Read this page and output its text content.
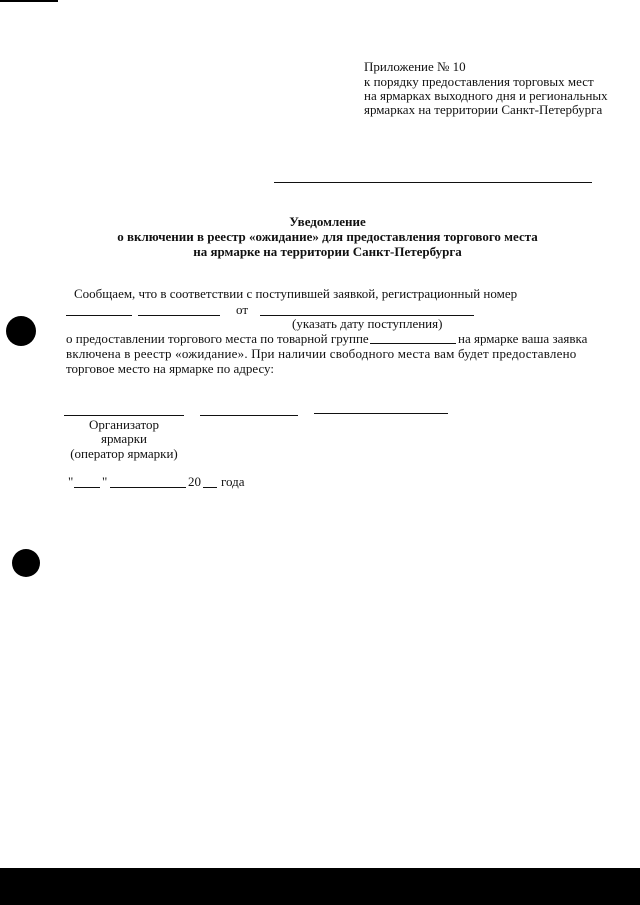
Приложение № 10
к порядку предоставления торговых мест
на ярмарках выходного дня и региональных
ярмарках на территории Санкт-Петербурга
Уведомление
о включении в реестр «ожидание» для предоставления торгового места
на ярмарке на территории Санкт-Петербурга
Сообщаем, что в соответствии с поступившей заявкой, регистрационный номер
от
(указать дату поступления)
о предоставлении торгового места по товарной группе	на ярмарке ваша заявка
включена в реестр «ожидание». При наличии свободного места вам будет предоставлено
торговое место на ярмарке по адресу:
Организатор
ярмарки
(оператор ярмарки)
" "	20 года
